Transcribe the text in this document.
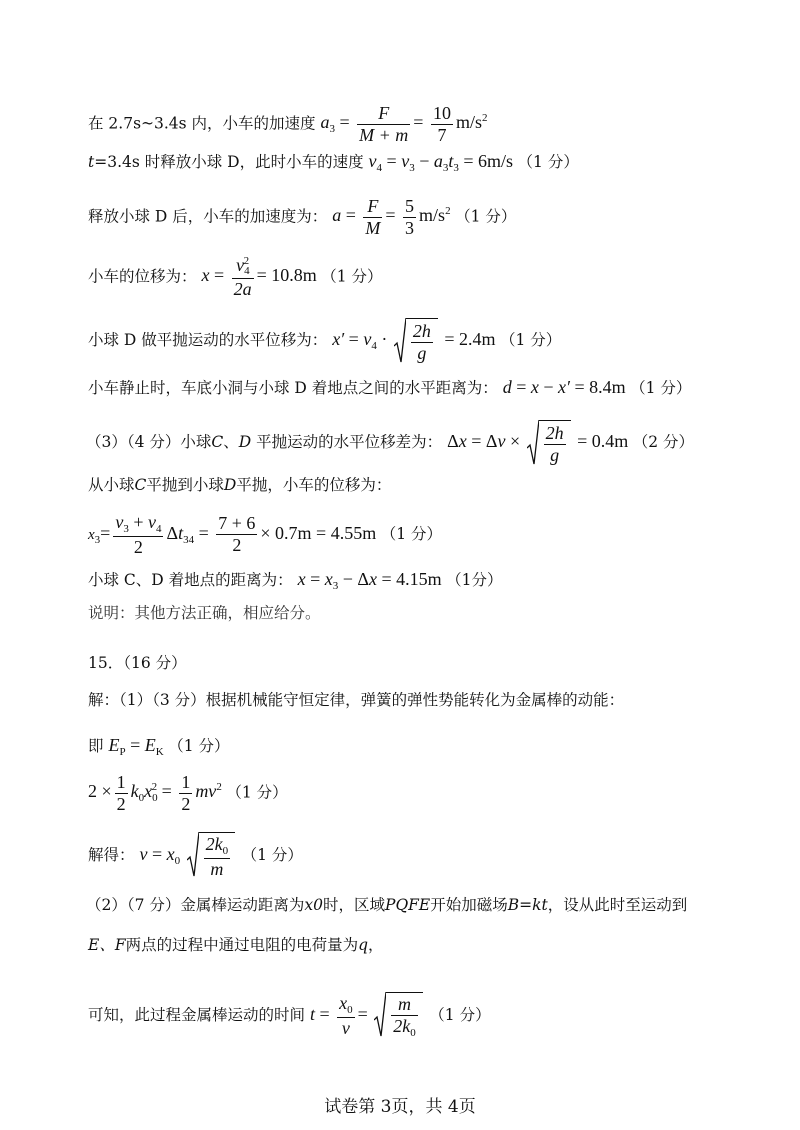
在 2.7s~3.4s 内，小车的加速度 $a_3 = \frac{F}{M + m} = \frac{10}{7} m/s^2$
t=3.4s 时释放小球 D，此时小车的速度 $v_4 = v_3 - a_3t_3 = 6m/s$ （1 分）
释放小球 D 后，小车的加速度为： $a = \frac{F}{M} = \frac{5}{3} m/s^2$ （1 分）
小车的位移为： $x = \frac{v_4^2}{2a} = 10.8m$ （1 分）
小球 D 做平抛运动的水平位移为： $x' = v_4 \cdot \frac{2h}{g} = 2.4m$ （1 分）
小车静止时，车底小洞与小球 D 着地点之间的水平距离为： d = x − x′ = 8.4m （1 分）
（3）（4 分）小球C、D 平抛运动的水平位移差为： $\Delta x = \Delta v \times \frac{2h}{g} = 0.4m$ （2 分）
从小球C平抛到小球D平抛，小车的位移为：
$x_3= \frac{v_3 + v_4}{2} \Delta t_{34} = \frac{7 + 6}{2} \times 0.7m = 4.55m$ （1 分）
小球 C、D 着地点的距离为： $x = x_3 - \Delta x = 4.15m$ （1分）
说明：其他方法正确，相应给分。
15．（16 分）
解：（1）（3 分）根据机械能守恒定律，弹簧的弹性势能转化为金属棒的动能：
即 $E_P = E_K$ （1 分）
$2 \times \frac{1}{2} k_0x_0^2 = \frac{1}{2} mv^2$ （1 分）
解得： $v = x_0 \frac{2k_0}{m} (1$ 分）
（2）（7 分）金属棒运动距离为x0时，区域PQFE开始加磁场B=kt，设从此时至运动到
E、F两点的过程中通过电阻的电荷量为q，
可知，此过程金属棒运动的时间 $t = \frac{x_0}{v} = \frac{m}{2k_0} (1$ 分）
试卷第 3页，共 4页
